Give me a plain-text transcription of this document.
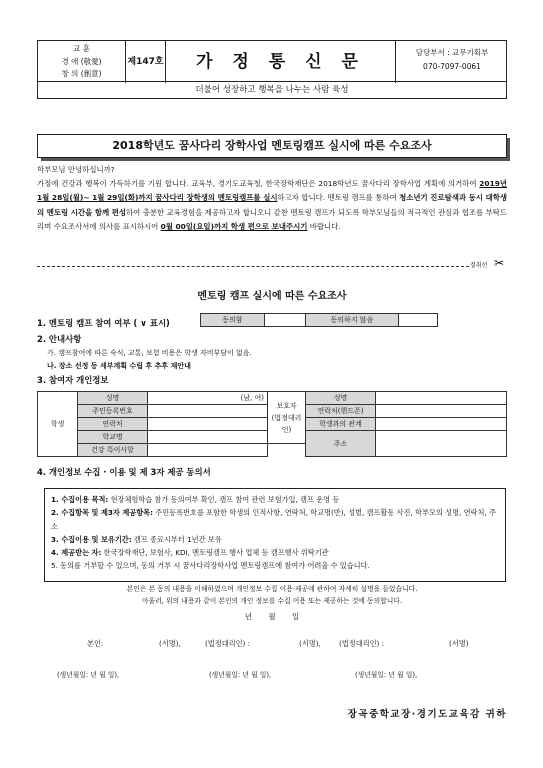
교 훈
경 애 (敬愛)
창 의 (創意)
제147호	가 정 통 신 문	담당부서 : 교무기획부
070-7097-0061
더불어 성장하고 행복을 나누는 사람 육성
2018학년도 꿈사다리 장학사업 멘토링캠프 실시에 따른 수요조사
학부모님 안녕하십니까?
가정에 건강과 행복이 가득하기를 기원 합니다. 교육부, 경기도교육청, 한국장학재단은 2018학년도 꿈사다리 장학사업 계획에 의거하여 2019년 1월 28일(월)~ 1월 29일(화)까지 꿈사다리 장학생의 멘토링캠프를 실시하고자 합니다. 멘토링 캠프를 통하여 청소년기 진로탐색과 동시 대학생의 멘토링 시간을 함께 편성하여 충분한 교육경험을 제공하고자 합니오니 같찬 멘토링 캠프가 되도록 학부모님들의 적극적인 관심과 협조를 부탁드리며 수요조사서에 의사를 표시하시어 0월 00일(요일)까지 학생 편으로 보내주시기 바랍니다.
절취선 ✂
멘토링 캠프 실시에 따른 수요조사
1. 멘토링 캠프 참여 여부 ( ∨ 표시)	동의함		동의하지 않음	
2. 안내사항
가. 캠프참여에 따른 숙식, 교통, 보험 비용은 학생 자비부담이 없음.
나. 장소 선정 등 세부계획 수립 후 추후 재안내
3. 참여자 개인정보
학생	성명	(남, 여)	보호자 (법정대리인)	성명	
	주민등록번호			연락처(핸드폰)	
	연락처			학생과의 관계	
	학교명			주소	
	건강 특이사항				
4. 개인정보 수집 · 이용 및 제 3자 제공 동의서
1. 수집이용 목적: 현장체험학습 참가 동의여부 확인, 캠프 참여 관련 보험가입, 캠프 운영 등
2. 수집항목 및 제3자 제공항목: 주민등록번호를 포함한 학생의 인적사항, 연락처, 학교명(반), 성별, 캠프활동 사진, 학부모의 성명, 연락처, 주소
3. 수집이용 및 보유기간: 캠프 종료시부터 1년간 보유
4. 제공받는 자: 한국장학재단, 보험사, KDI, 멘토링캠프 행사 업체 등 캠프행사 위탁기관
5. 동의를 거부할 수 있으며, 동의 거부 시 꿈사다리장학사업 멘토링캠프에 참여가 어려울 수 있습니다.
본인은 본 동의 내용을 이해하였으며 개인정보 수집 이용·제공에 관하여 자세히 설명을 들었습니다.
아울러, 위의 내용과 같이 본인의 개인 정보를 수집 이용 또는 제공하는 것에 동의합니다.
년 월 일
본인:	(서명),	(법정대리인) :	(서명),	(법정대리인) :	(서명)
(생년월일: 년 월 일),	(생년월일: 년 월 일),	(생년월일: 년 월 일),
장곡중학교장·경기도교육감 귀하
